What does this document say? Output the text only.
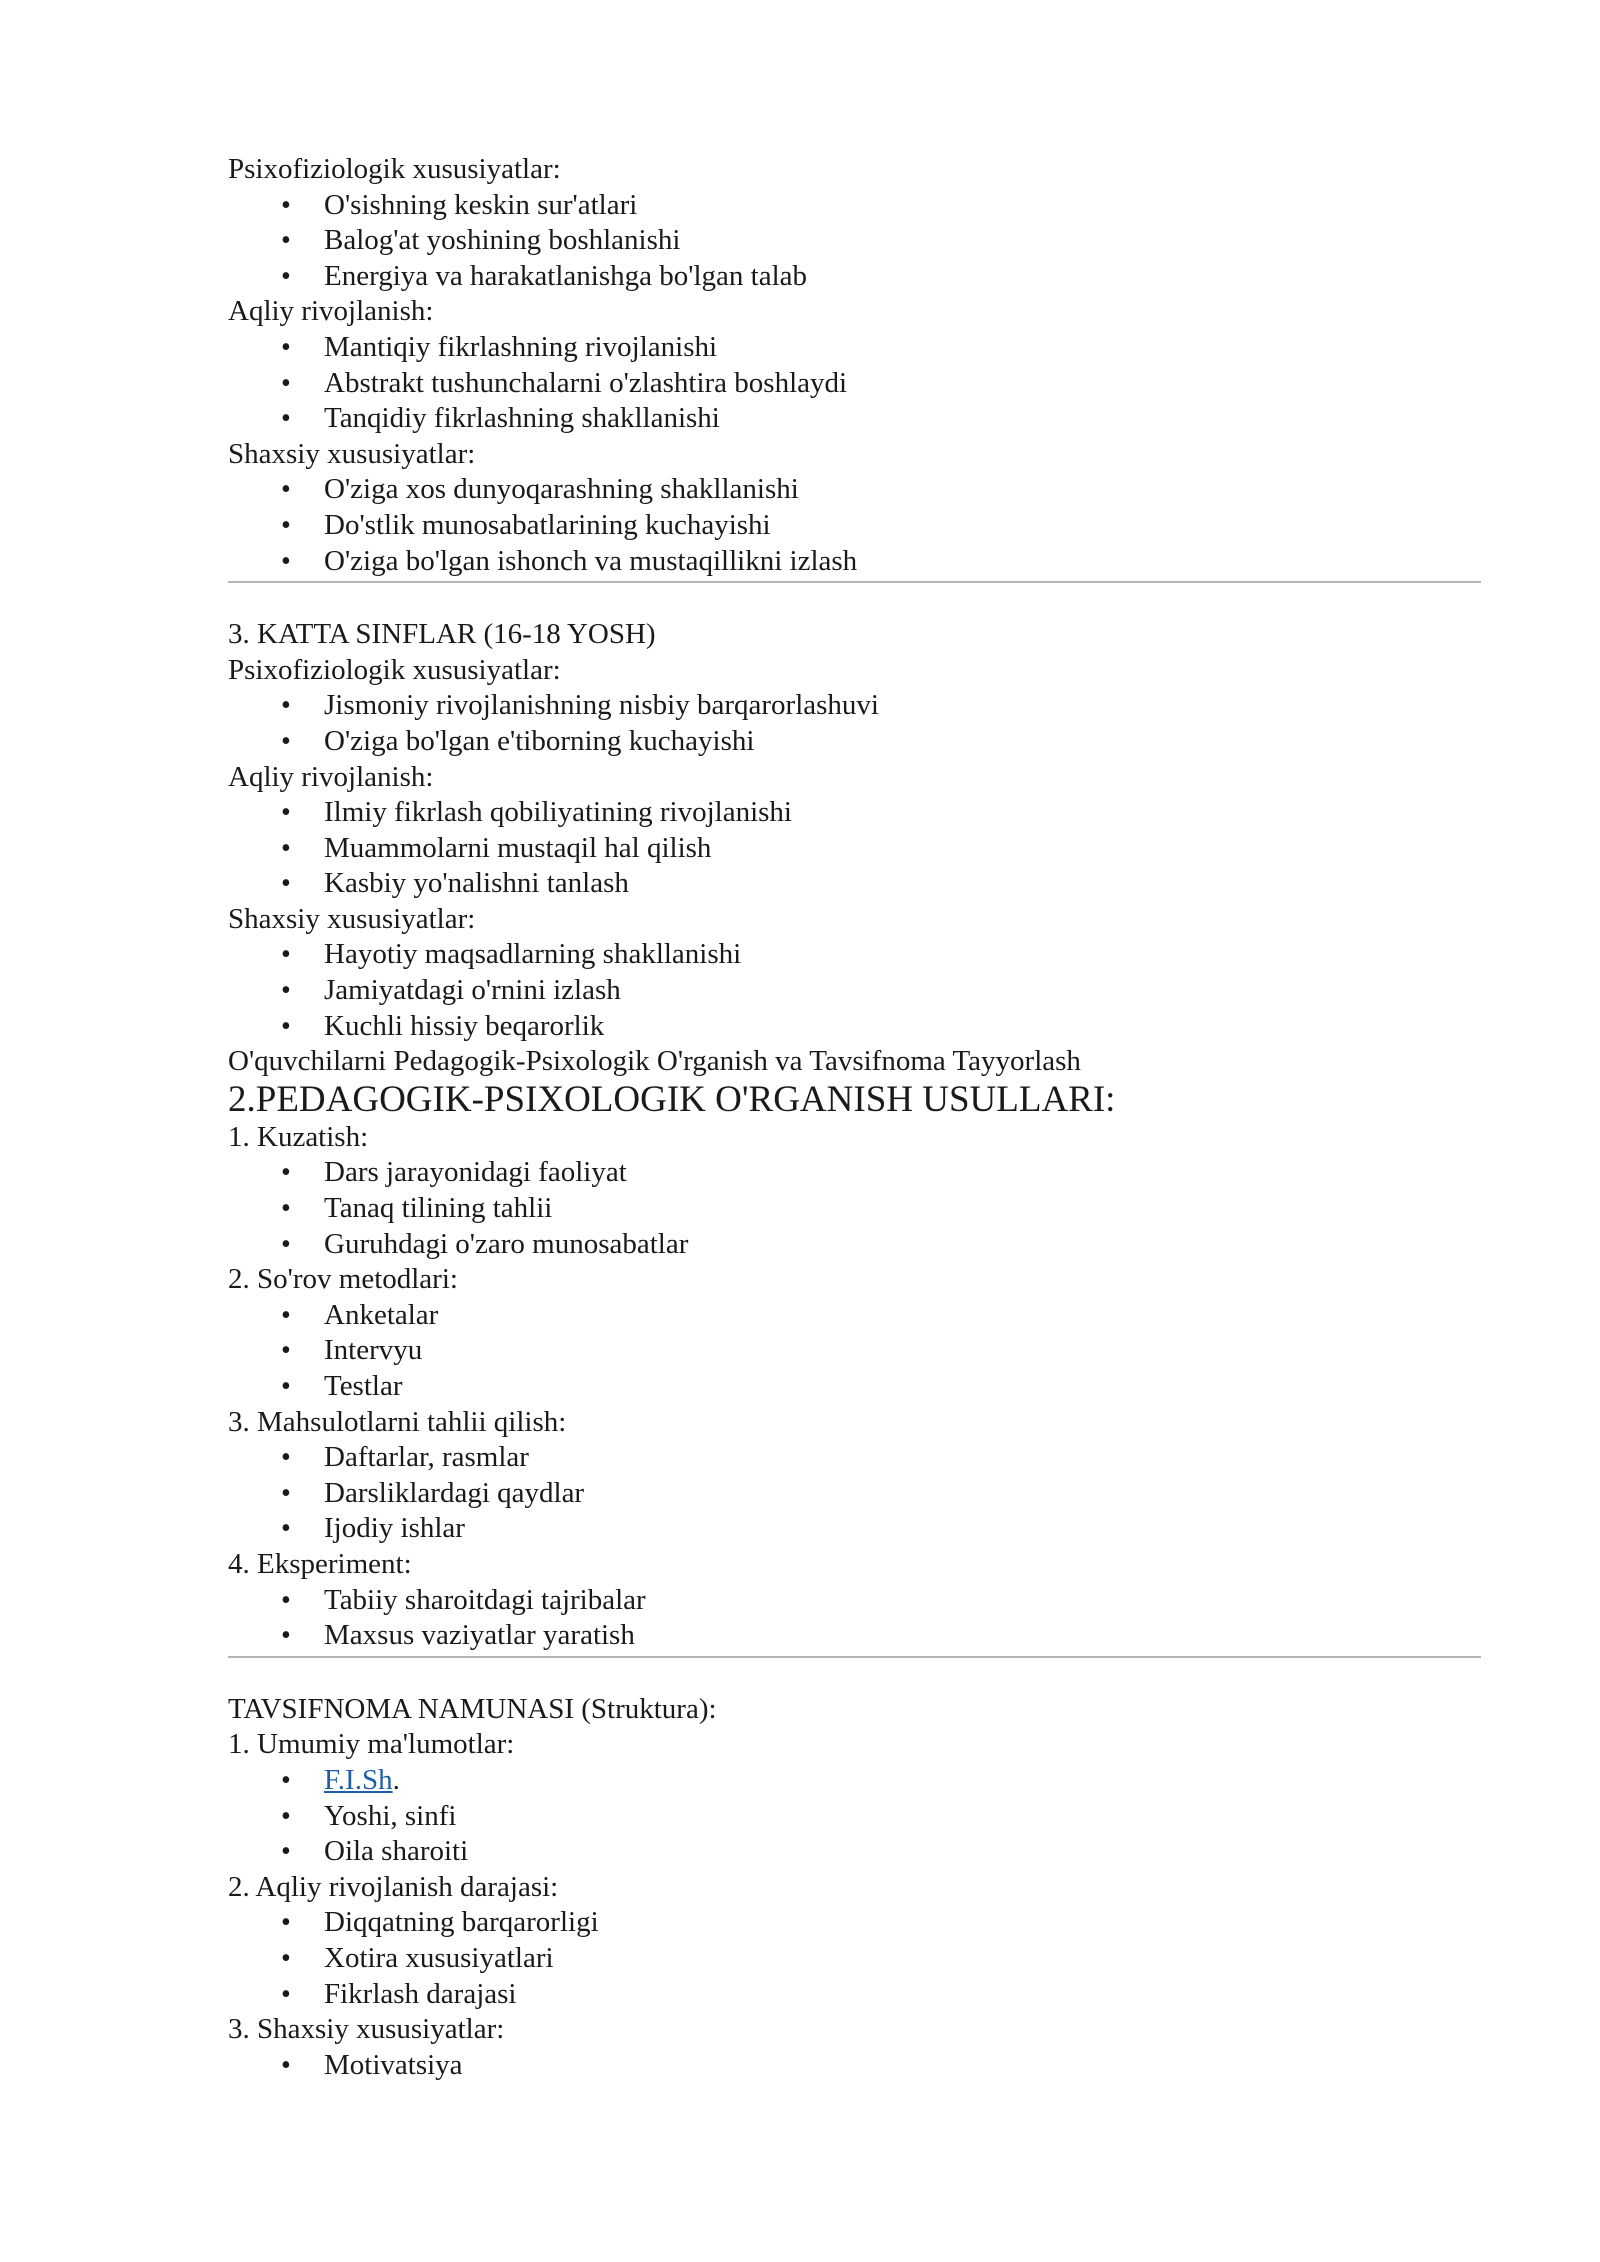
Psixofiziologik xususiyatlar:
• O'sishning keskin sur'atlari
• Balog'at yoshining boshlanishi
• Energiya va harakatlanishga bo'lgan talab
Aqliy rivojlanish:
• Mantiqiy fikrlashning rivojlanishi
• Abstrakt tushunchalarni o'zlashtira boshlaydi
• Tanqidiy fikrlashning shakllanishi
Shaxsiy xususiyatlar:
• O'ziga xos dunyoqarashning shakllanishi
• Do'stlik munosabatlarining kuchayishi
• O'ziga bo'lgan ishonch va mustaqillikni izlash
3. KATTA SINFLAR (16-18 YOSH)
Psixofiziologik xususiyatlar:
• Jismoniy rivojlanishning nisbiy barqarorlashuvi
• O'ziga bo'lgan e'tiborning kuchayishi
Aqliy rivojlanish:
• Ilmiy fikrlash qobiliyatining rivojlanishi
• Muammolarni mustaqil hal qilish
• Kasbiy yo'nalishni tanlash
Shaxsiy xususiyatlar:
• Hayotiy maqsadlarning shakllanishi
• Jamiyatdagi o'rnini izlash
• Kuchli hissiy beqarorlik
O'quvchilarni Pedagogik-Psixologik O'rganish va Tavsifnoma Tayyorlash
2.PEDAGOGIK-PSIXOLOGIK O'RGANISH USULLARI:
1. Kuzatish:
• Dars jarayonidagi faoliyat
• Tanaq tilining tahlii
• Guruhdagi o'zaro munosabatlar
2. So'rov metodlari:
• Anketalar
• Intervyu
• Testlar
3. Mahsulotlarni tahlii qilish:
• Daftarlar, rasmlar
• Darsliklardagi qaydlar
• Ijodiy ishlar
4. Eksperiment:
• Tabiiy sharoitdagi tajribalar
• Maxsus vaziyatlar yaratish
TAVSIFNOMA NAMUNASI (Struktura):
1. Umumiy ma'lumotlar:
• F.I.Sh.
• Yoshi, sinfi
• Oila sharoiti
2. Aqliy rivojlanish darajasi:
• Diqqatning barqarorligi
• Xotira xususiyatlari
• Fikrlash darajasi
3. Shaxsiy xususiyatlar:
• Motivatsiya
